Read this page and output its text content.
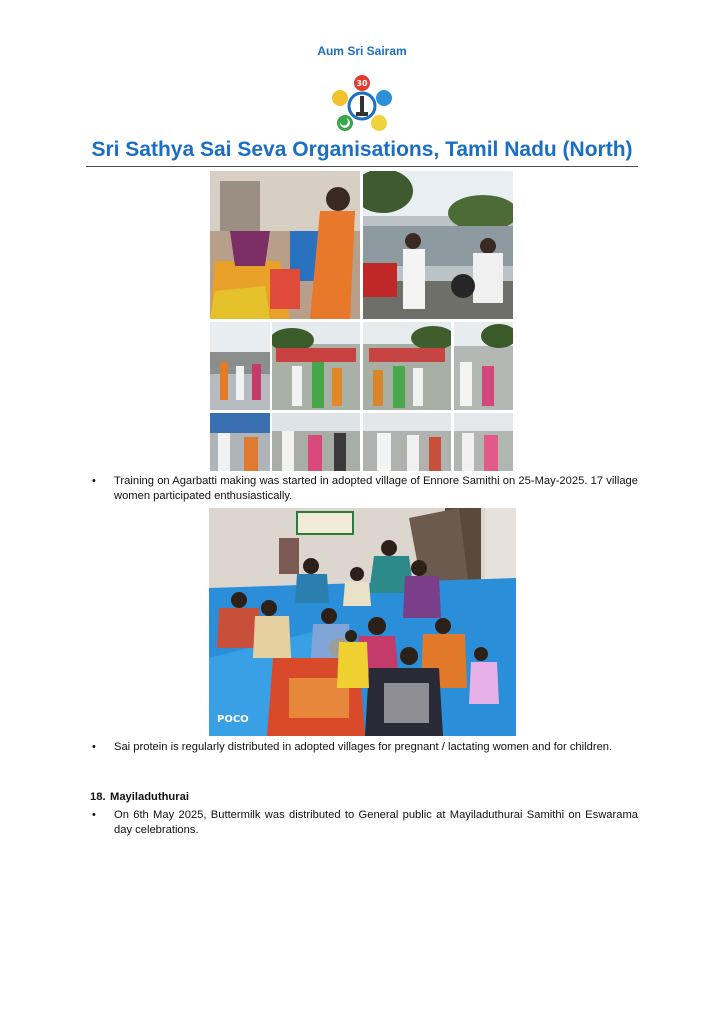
Aum Sri Sairam
30
Sri Sathya Sai Seva Organisations, Tamil Nadu (North)
• Training on Agarbatti making was started in adopted village of Ennore Samithi on 25-May-2025. 17 village women participated enthusiastically.
POCO
• Sai protein is regularly distributed in adopted villages for pregnant / lactating women and for children.
18. Mayiladuthurai
• On 6th May 2025, Buttermilk was distributed to General public at Mayiladuthurai Samithi on Eswarama day celebrations.
